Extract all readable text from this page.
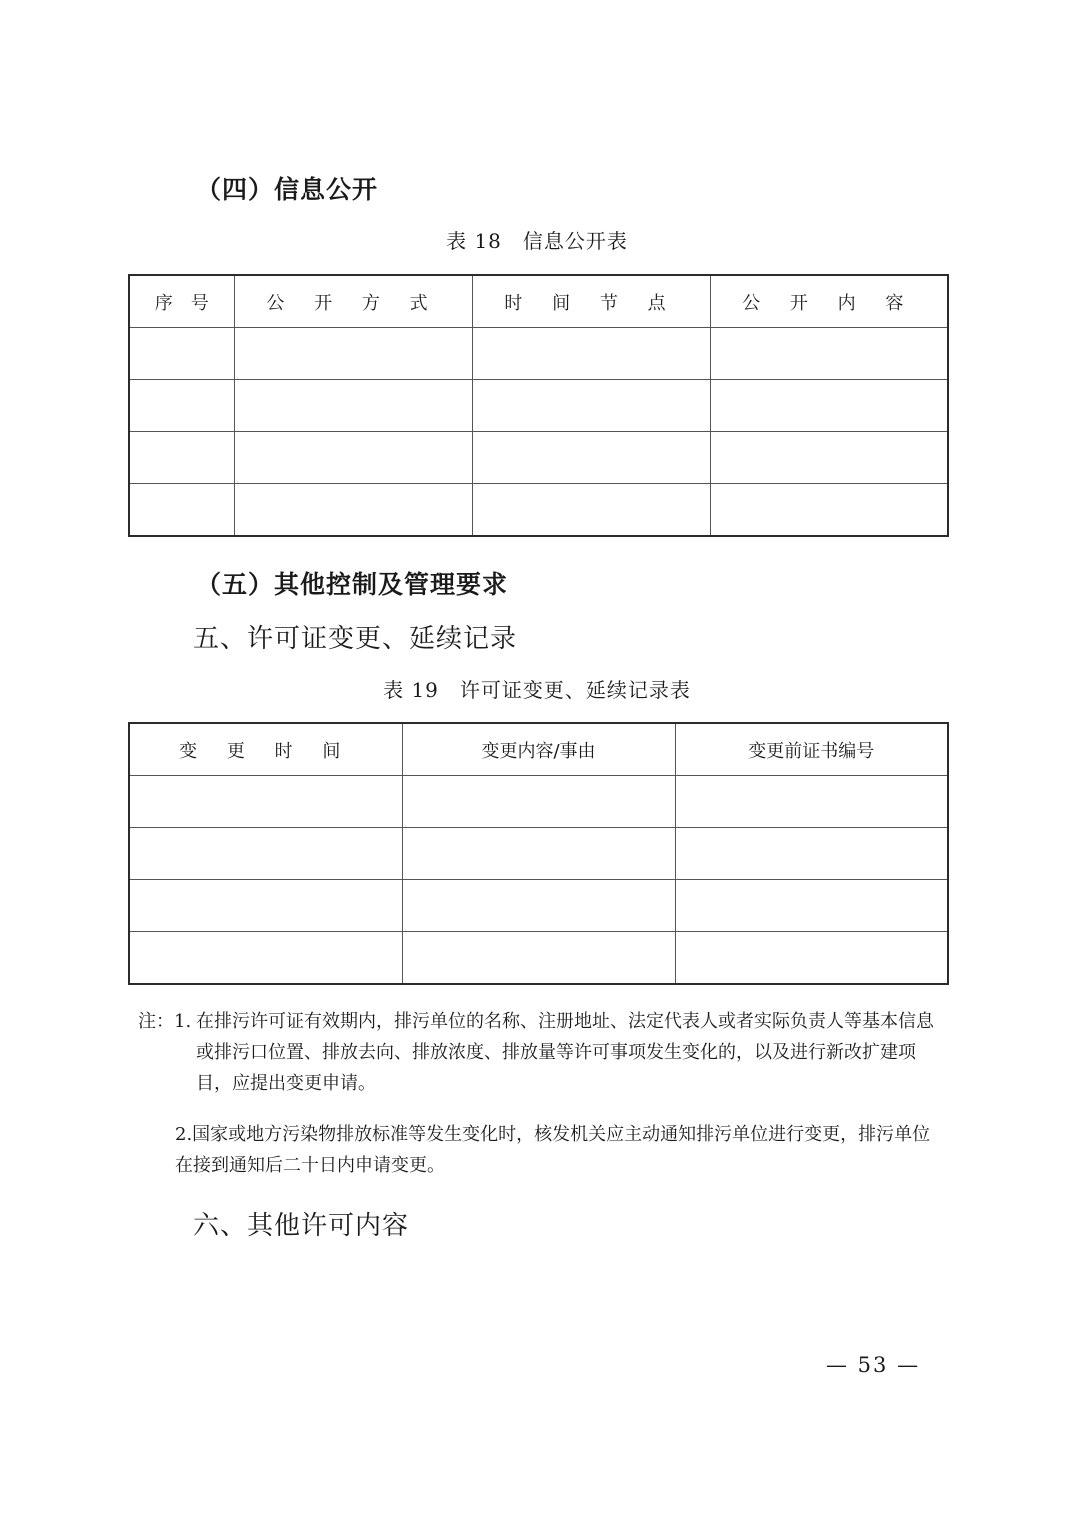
（四）信息公开
表 18　信息公开表
序　号	公 开 方 式	时 间 节 点	公 开 内 容

（五）其他控制及管理要求
五、许可证变更、延续记录
表 19　许可证变更、延续记录表
变 更 时 间	变更内容/事由	变更前证书编号

注：1. 在排污许可证有效期内，排污单位的名称、注册地址、法定代表人或者实际负责人等基本信息或排污口位置、排放去向、排放浓度、排放量等许可事项发生变化的，以及进行新改扩建项目，应提出变更申请。
2.国家或地方污染物排放标准等发生变化时，核发机关应主动通知排污单位进行变更，排污单位在接到通知后二十日内申请变更。
六、其他许可内容
— 53 —
